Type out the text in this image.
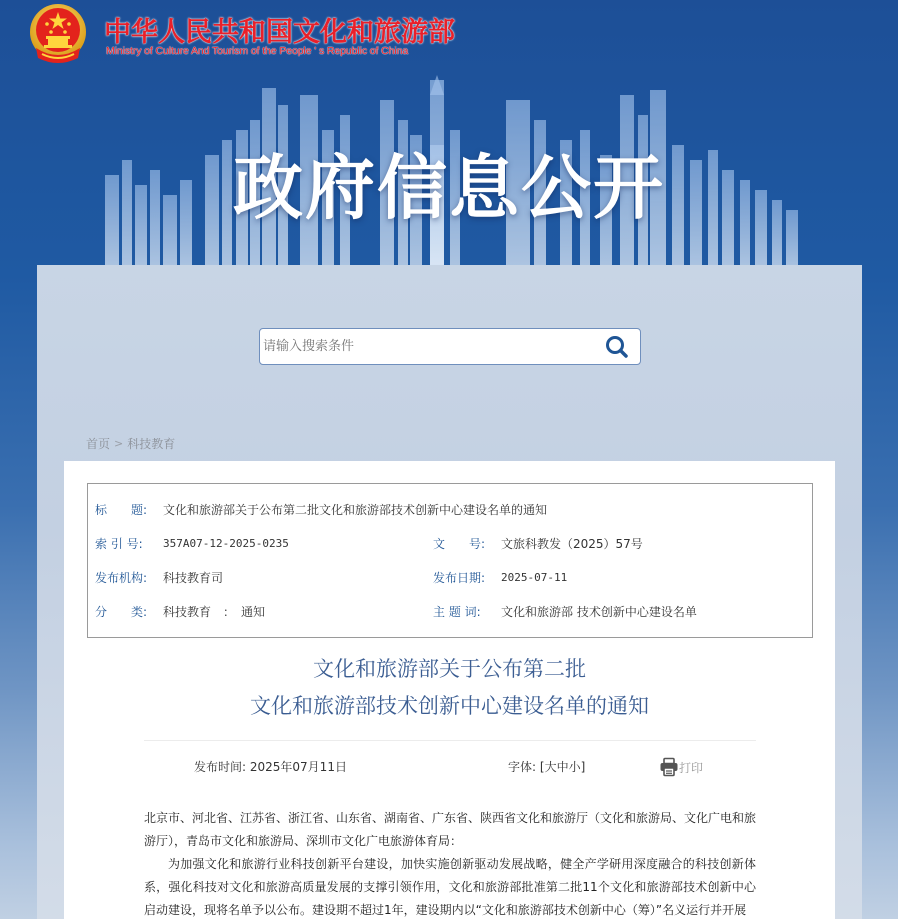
中华人民共和国文化和旅游部
Ministry of Culture And Tourism of the People ' s Republic of China
政府信息公开
请输入搜索条件
首页 > 科技教育
标　　题:	文化和旅游部关于公布第二批文化和旅游部技术创新中心建设名单的通知
索 引 号:	357A07-12-2025-0235	文　　号:	文旅科教发（2025）57号
发布机构:	科技教育司	发布日期:	2025-07-11
分　　类:	科技教育　：　通知	主 题 词:	文化和旅游部 技术创新中心建设名单
文化和旅游部关于公布第二批
文化和旅游部技术创新中心建设名单的通知
发布时间: 2025年07月11日	字体: [大中小]	打印

北京市、河北省、江苏省、浙江省、山东省、湖南省、广东省、陕西省文化和旅游厅（文化和旅游局、文化广电和旅游厅），青岛市文化和旅游局、深圳市文化广电旅游体育局：

为加强文化和旅游行业科技创新平台建设，加快实施创新驱动发展战略，健全产学研用深度融合的科技创新体系，强化科技对文化和旅游高质量发展的支撑引领作用，文化和旅游部批准第二批11个文化和旅游部技术创新中心启动建设，现将名单予以公布。建设期不超过1年，建设期内以“文化和旅游部技术创新中心（筹）”名义运行并开展
